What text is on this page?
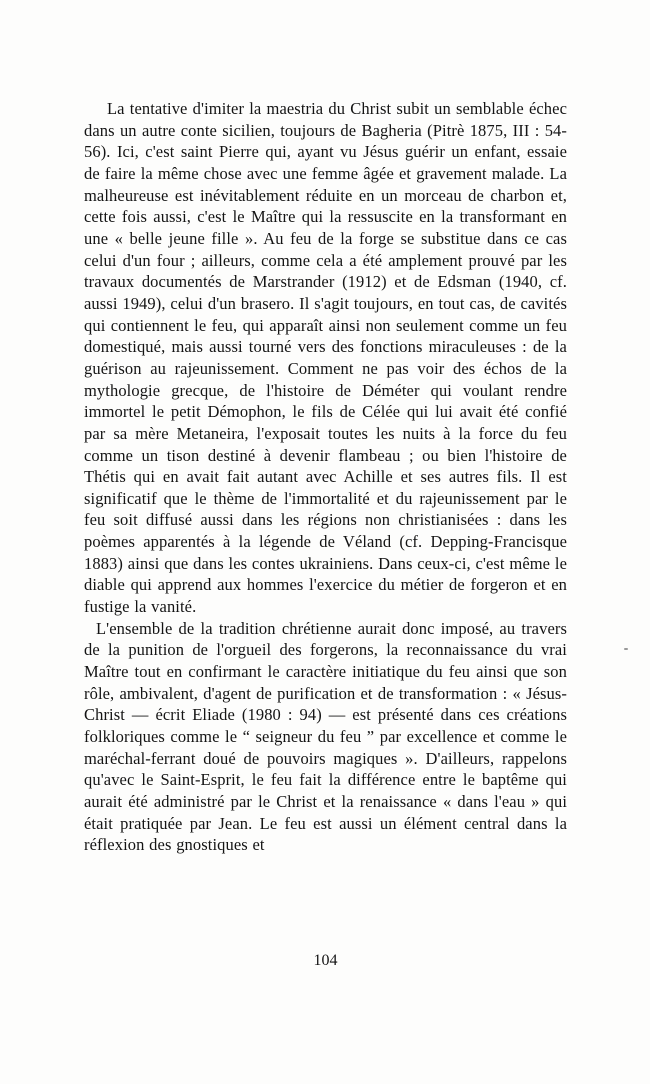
La tentative d'imiter la maestria du Christ subit un semblable échec dans un autre conte sicilien, toujours de Bagheria (Pitrè 1875, III : 54-56). Ici, c'est saint Pierre qui, ayant vu Jésus guérir un enfant, essaie de faire la même chose avec une femme âgée et gravement malade. La malheureuse est inévitablement réduite en un morceau de charbon et, cette fois aussi, c'est le Maître qui la ressuscite en la transformant en une « belle jeune fille ». Au feu de la forge se substitue dans ce cas celui d'un four ; ailleurs, comme cela a été amplement prouvé par les travaux documentés de Marstrander (1912) et de Edsman (1940, cf. aussi 1949), celui d'un brasero. Il s'agit toujours, en tout cas, de cavités qui contiennent le feu, qui apparaît ainsi non seulement comme un feu domestiqué, mais aussi tourné vers des fonctions miraculeuses : de la guérison au rajeunissement. Comment ne pas voir des échos de la mythologie grecque, de l'histoire de Déméter qui voulant rendre immortel le petit Démophon, le fils de Célée qui lui avait été confié par sa mère Metaneira, l'exposait toutes les nuits à la force du feu comme un tison destiné à devenir flambeau ; ou bien l'histoire de Thétis qui en avait fait autant avec Achille et ses autres fils. Il est significatif que le thème de l'immortalité et du rajeunissement par le feu soit diffusé aussi dans les régions non christianisées : dans les poèmes apparentés à la légende de Véland (cf. Depping-Francisque 1883) ainsi que dans les contes ukrainiens. Dans ceux-ci, c'est même le diable qui apprend aux hommes l'exercice du métier de forgeron et en fustige la vanité.

L'ensemble de la tradition chrétienne aurait donc imposé, au travers de la punition de l'orgueil des forgerons, la reconnaissance du vrai Maître tout en confirmant le caractère initiatique du feu ainsi que son rôle, ambivalent, d'agent de purification et de transformation : « Jésus-Christ — écrit Eliade (1980 : 94) — est présenté dans ces créations folkloriques comme le “ seigneur du feu ” par excellence et comme le maréchal-ferrant doué de pouvoirs magiques ». D'ailleurs, rappelons qu'avec le Saint-Esprit, le feu fait la différence entre le baptême qui aurait été administré par le Christ et la renaissance « dans l'eau » qui était pratiquée par Jean. Le feu est aussi un élément central dans la réflexion des gnostiques et

104
